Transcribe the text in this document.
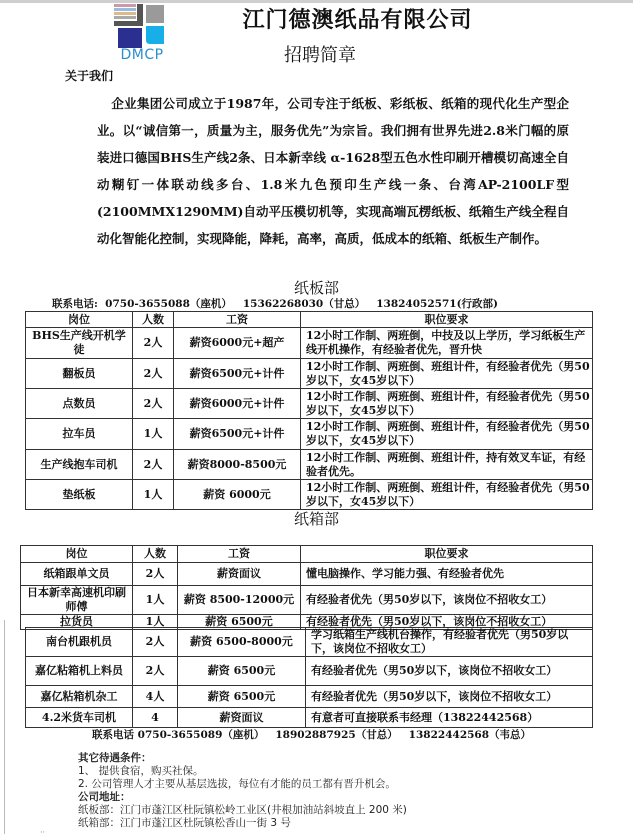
DMCP
江门德澳纸品有限公司
招聘简章
关于我们
企业集团公司成立于1987年，公司专注于纸板、彩纸板、纸箱的现代化生产型企业。以“诚信第一，质量为主，服务优先”为宗旨。我们拥有世界先进2.8米门幅的原装进口德国BHS生产线2条、日本新幸线 α-1628型五色水性印刷开槽模切高速全自动糊钉一体联动线多台、1.8米九色预印生产线一条、台湾AP-2100LF型(2100MMX1290MM)自动平压模切机等，实现高端瓦楞纸板、纸箱生产线全程自动化智能化控制，实现降能，降耗，高率，高质，低成本的纸箱、纸板生产制作。
纸板部
联系电话:  0750-3655088（座机）   15362268030（甘总）   13824052571(行政部)
岗位	人数	工资	职位要求
BHS生产线开机学徒	2人	薪资6000元+超产	12小时工作制、两班倒，中技及以上学历，学习纸板生产线开机操作，有经验者优先，晋升快
翻板员	2人	薪资6500元+计件	12小时工作制、两班倒、班组计件，有经验者优先（男50岁以下，女45岁以下）
点数员	2人	薪资6000元+计件	12小时工作制、两班倒、班组计件，有经验者优先（男50岁以下，女45岁以下）
拉车员	1人	薪资6500元+计件	12小时工作制、两班倒、班组计件，有经验者优先（男50岁以下，女45岁以下）
生产线抱车司机	2人	薪资8000-8500元	12小时工作制、两班倒、班组计件，持有效叉车证，有经验者优先。
垫纸板	1人	薪资 6000元	12小时工作制、两班倒、班组计件，有经验者优先（男50岁以下，女45岁以下）
纸箱部
岗位	人数	工资	职位要求
纸箱跟单文员	2人	薪资面议	懂电脑操作、学习能力强、有经验者优先
日本新幸高速机印刷师傅	1人	薪资 8500-12000元	有经验者优先（男50岁以下，该岗位不招收女工）
拉货员	1人	薪资 6500元	有经验者优先（男50岁以下，该岗位不招收女工）
南台机跟机员	2人	薪资 6500-8000元	学习纸箱生产线机台操作，有经验者优先（男50岁以下，该岗位不招收女工）
嘉亿粘箱机上料员	2人	薪资 6500元	有经验者优先（男50岁以下，该岗位不招收女工）
嘉亿粘箱机杂工	4人	薪资 6500元	有经验者优先（男50岁以下，该岗位不招收女工）
4.2米货车司机	4	薪资面议	有意者可直接联系韦经理（13822442568）
联系电话 0750-3655089（座机）   18902887925（甘总）   13822442568（韦总）
其它待遇条件：
1、 提供食宿，购买社保。
2. 公司管理人才主要从基层选拔，每位有才能的员工都有晋升机会。
公司地址：
纸板部：江门市蓬江区杜阮镇松岭工业区(井根加油站斜坡直上 200 米)
纸箱部：江门市蓬江区杜阮镇松香山一街 3 号
··
